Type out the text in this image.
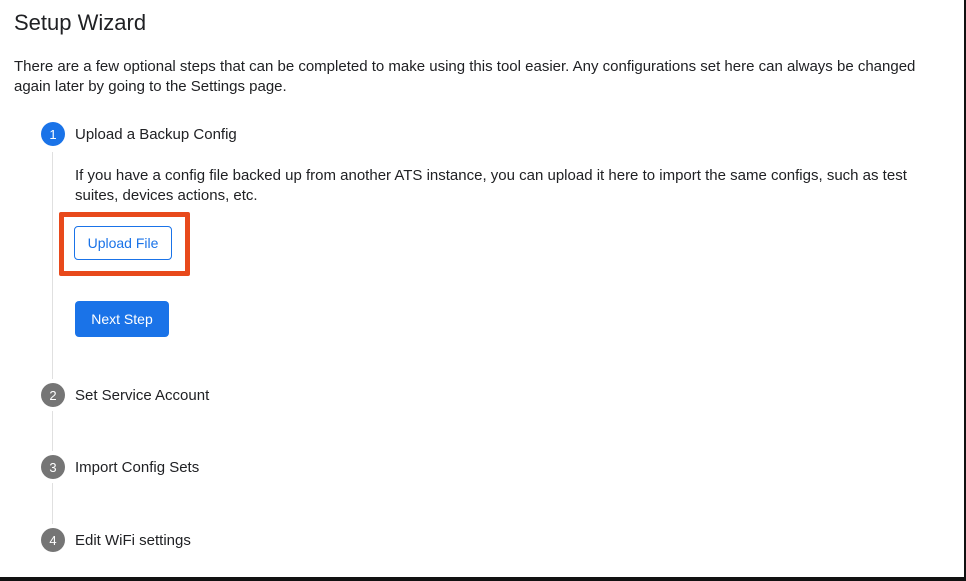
Setup Wizard

There are a few optional steps that can be completed to make using this tool easier. Any configurations set here can always be changed again later by going to the Settings page.

1	Upload a Backup Config

If you have a config file backed up from another ATS instance, you can upload it here to import the same configs, such as test suites, devices actions, etc.

Upload File
Next Step
2	Set Service Account
3	Import Config Sets
4	Edit WiFi settings
